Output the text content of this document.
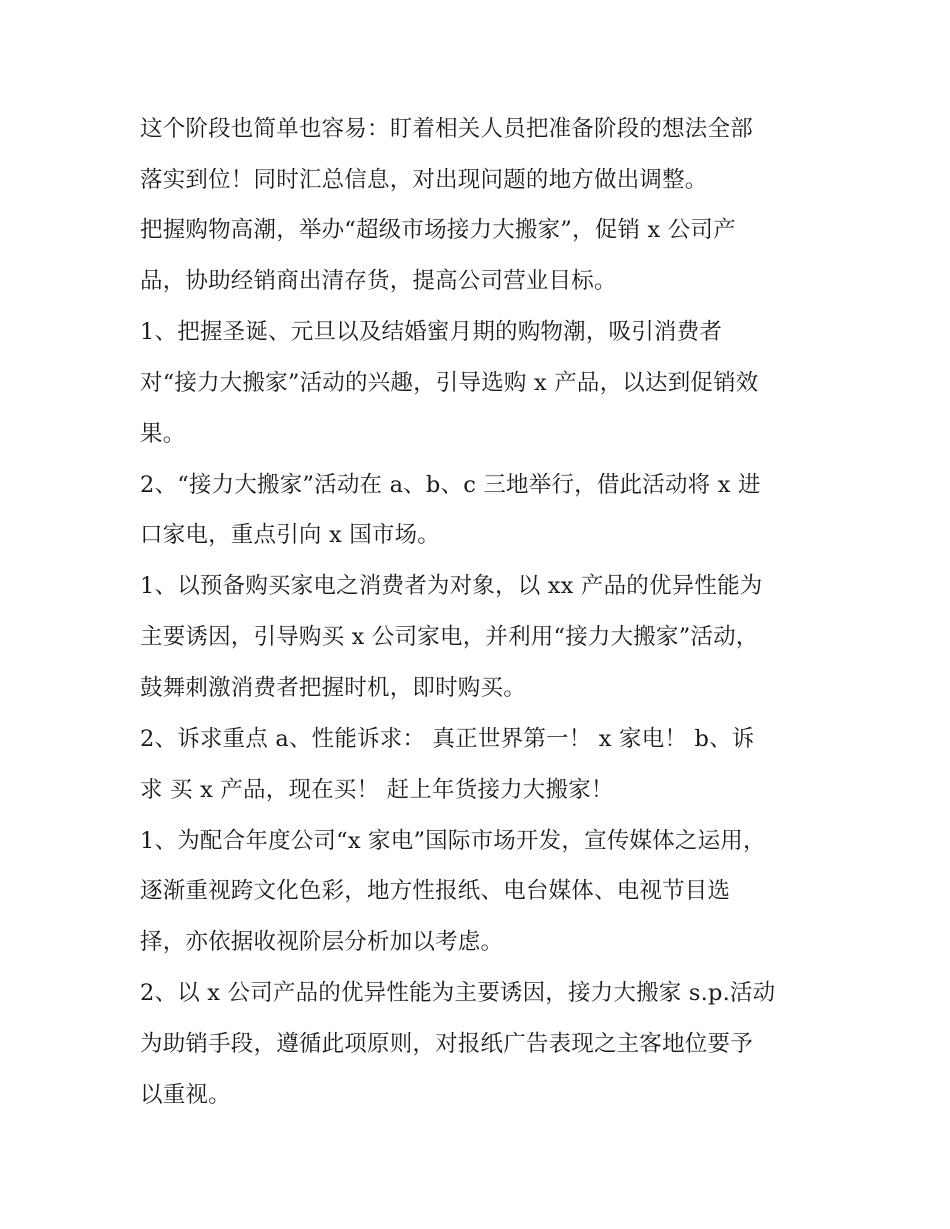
这个阶段也简单也容易：盯着相关人员把准备阶段的想法全部
落实到位！同时汇总信息，对出现问题的地方做出调整。
把握购物高潮，举办“超级市场接力大搬家”，促销 x 公司产
品，协助经销商出清存货，提高公司营业目标。
1、把握圣诞、元旦以及结婚蜜月期的购物潮，吸引消费者
对“接力大搬家”活动的兴趣，引导选购 x 产品，以达到促销效
果。
2、“接力大搬家”活动在 a、b、c 三地举行，借此活动将 x 进
口家电，重点引向 x 国市场。
1、以预备购买家电之消费者为对象，以 xx 产品的优异性能为
主要诱因，引导购买 x 公司家电，并利用“接力大搬家”活动，
鼓舞刺激消费者把握时机，即时购买。
2、诉求重点 a、性能诉求： 真正世界第一！ x 家电！ b、诉
求 买 x 产品，现在买！ 赶上年货接力大搬家！
1、为配合年度公司“x 家电”国际市场开发，宣传媒体之运用，
逐渐重视跨文化色彩，地方性报纸、电台媒体、电视节目选
择，亦依据收视阶层分析加以考虑。
2、以 x 公司产品的优异性能为主要诱因，接力大搬家 s.p.活动
为助销手段，遵循此项原则，对报纸广告表现之主客地位要予
以重视。
